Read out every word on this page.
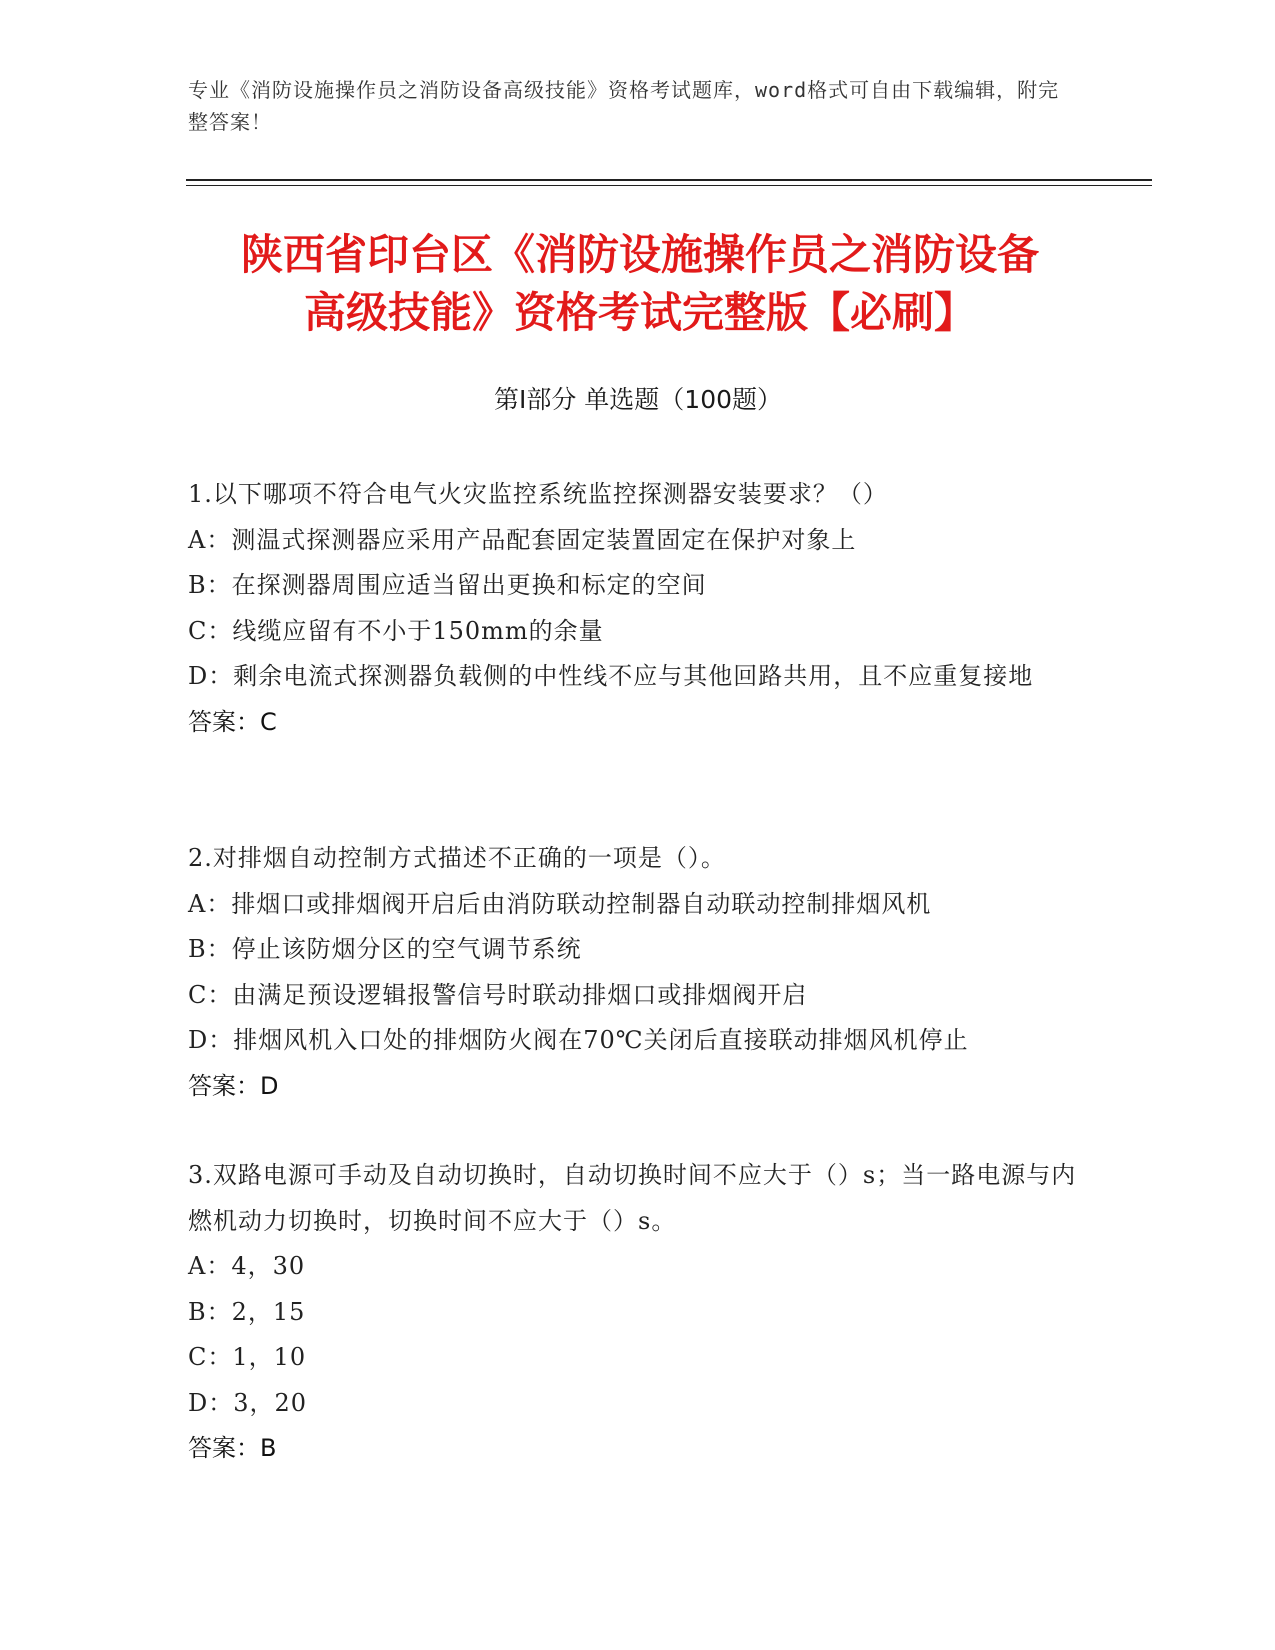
专业《消防设施操作员之消防设备高级技能》资格考试题库，word格式可自由下载编辑，附完整答案！
陕西省印台区《消防设施操作员之消防设备
高级技能》资格考试完整版【必刷】
第Ⅰ部分 单选题（100题）
1.以下哪项不符合电气火灾监控系统监控探测器安装要求？（）
A：测温式探测器应采用产品配套固定装置固定在保护对象上
B：在探测器周围应适当留出更换和标定的空间
C：线缆应留有不小于150mm的余量
D：剩余电流式探测器负载侧的中性线不应与其他回路共用，且不应重复接地
答案：C
2.对排烟自动控制方式描述不正确的一项是（）。
A：排烟口或排烟阀开启后由消防联动控制器自动联动控制排烟风机
B：停止该防烟分区的空气调节系统
C：由满足预设逻辑报警信号时联动排烟口或排烟阀开启
D：排烟风机入口处的排烟防火阀在70℃关闭后直接联动排烟风机停止
答案：D
3.双路电源可手动及自动切换时，自动切换时间不应大于（）s；当一路电源与内燃机动力切换时，切换时间不应大于（）s。
A：4，30
B：2，15
C：1，10
D：3，20
答案：B
